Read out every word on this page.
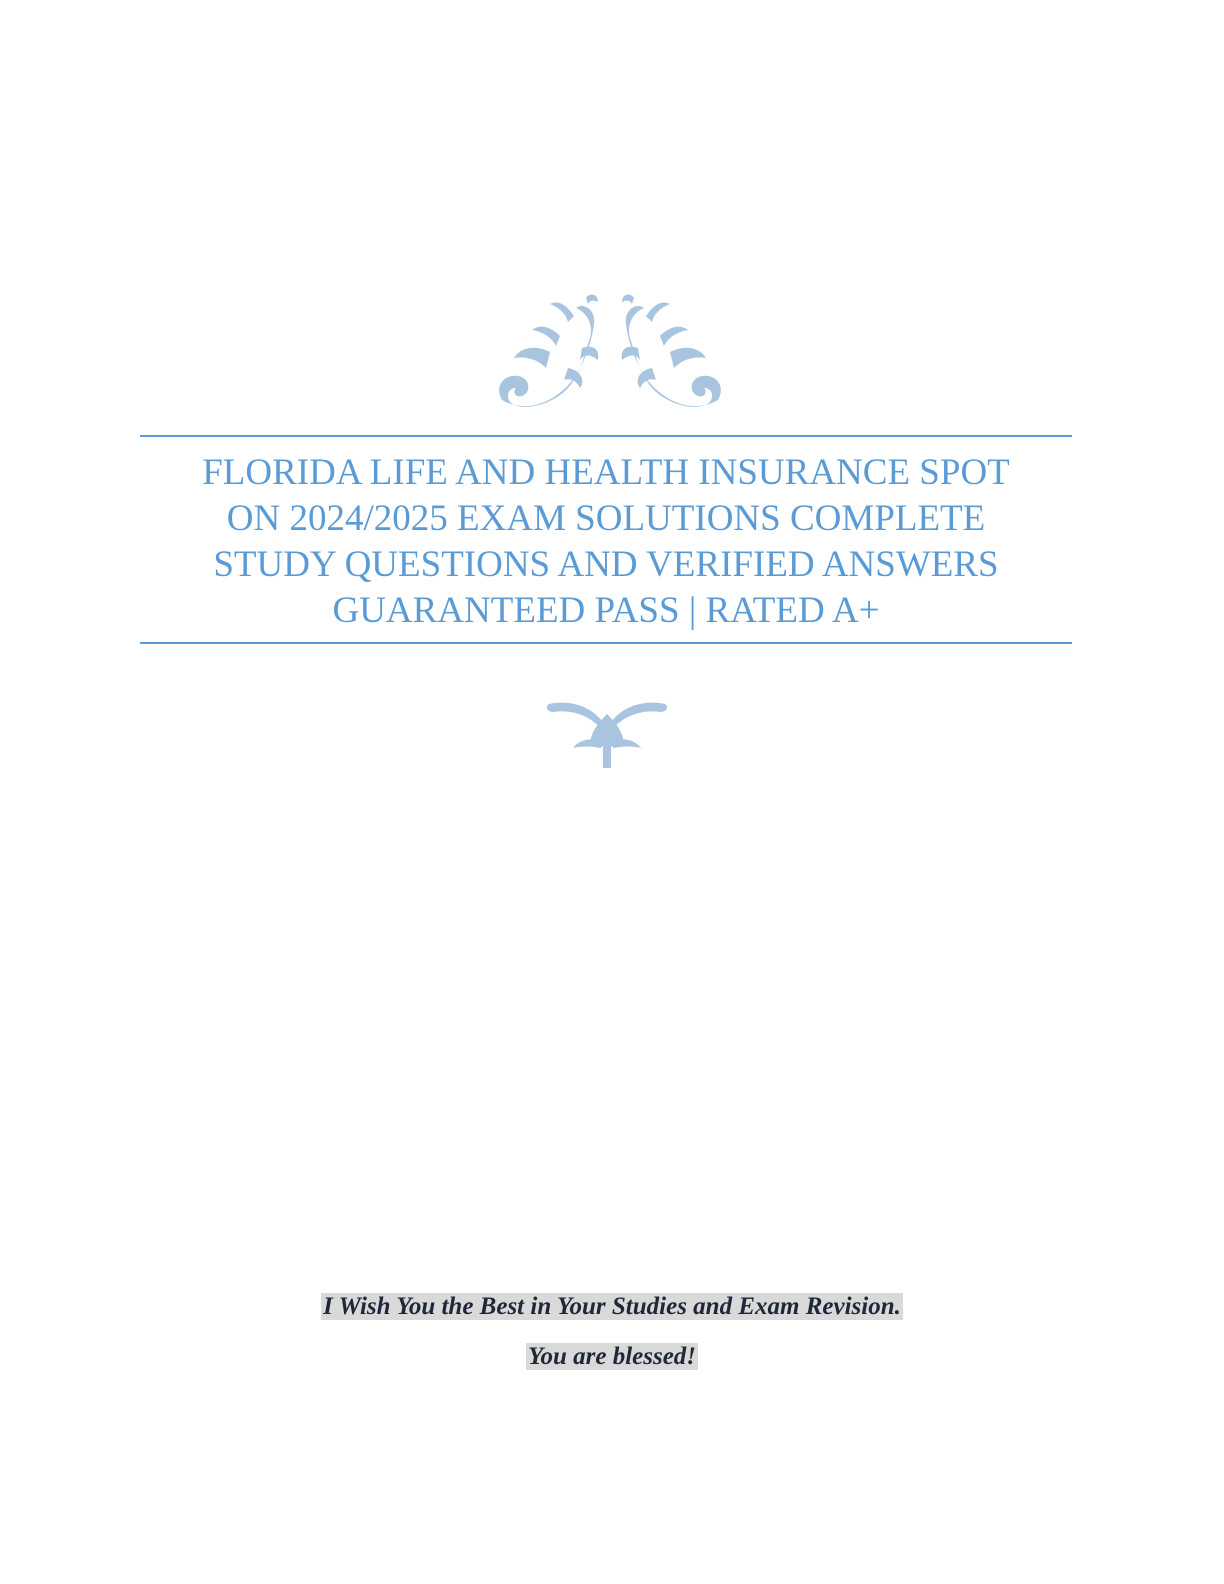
FLORIDA LIFE AND HEALTH INSURANCE SPOT
ON 2024/2025 EXAM SOLUTIONS COMPLETE
STUDY QUESTIONS AND VERIFIED ANSWERS
GUARANTEED PASS | RATED A+

I Wish You the Best in Your Studies and Exam Revision.

You are blessed!
